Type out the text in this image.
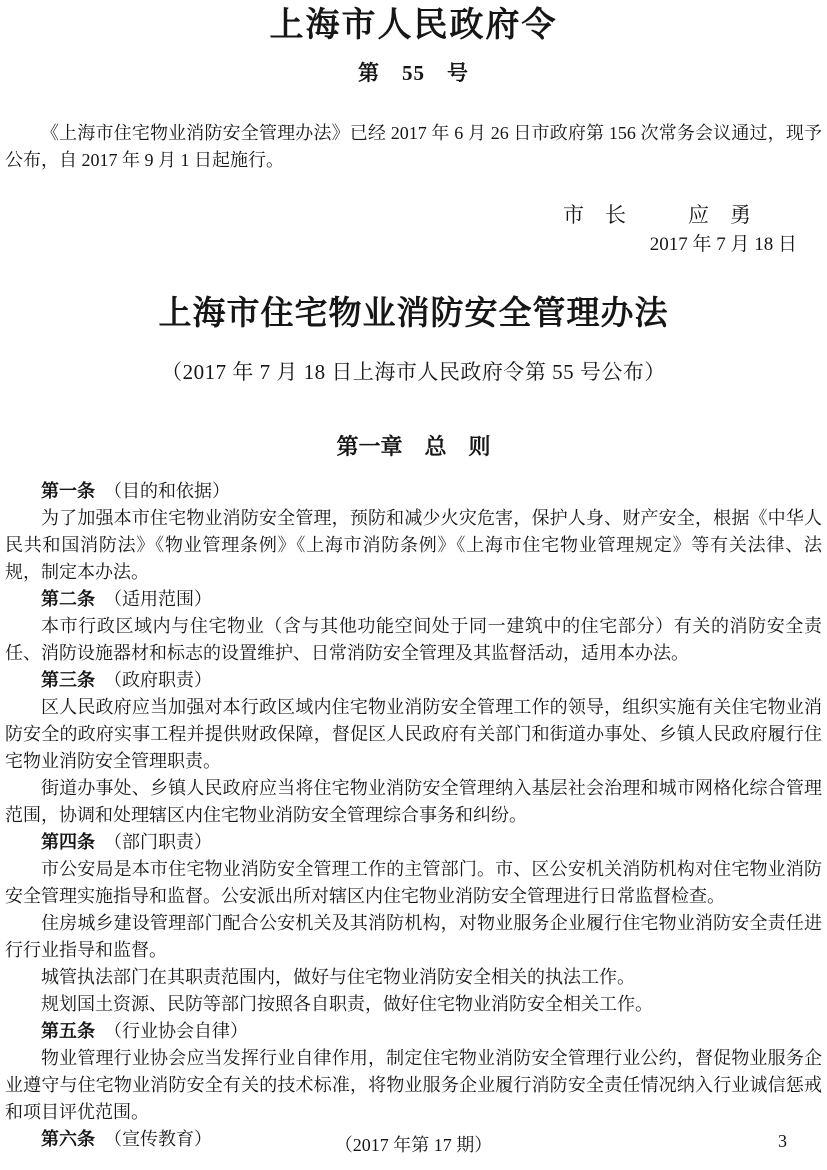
上海市人民政府令
第　55　号

《上海市住宅物业消防安全管理办法》已经 2017 年 6 月 26 日市政府第 156 次常务会议通过，现予公布，自 2017 年 9 月 1 日起施行。

市　长	应　勇
2017 年 7 月 18 日
上海市住宅物业消防安全管理办法
（2017 年 7 月 18 日上海市人民政府令第 55 号公布）
第一章　总　则

第一条　（目的和依据）

为了加强本市住宅物业消防安全管理，预防和减少火灾危害，保护人身、财产安全，根据《中华人民共和国消防法》《物业管理条例》《上海市消防条例》《上海市住宅物业管理规定》等有关法律、法规，制定本办法。

第二条　（适用范围）

本市行政区域内与住宅物业（含与其他功能空间处于同一建筑中的住宅部分）有关的消防安全责任、消防设施器材和标志的设置维护、日常消防安全管理及其监督活动，适用本办法。

第三条　（政府职责）

区人民政府应当加强对本行政区域内住宅物业消防安全管理工作的领导，组织实施有关住宅物业消防安全的政府实事工程并提供财政保障，督促区人民政府有关部门和街道办事处、乡镇人民政府履行住宅物业消防安全管理职责。

街道办事处、乡镇人民政府应当将住宅物业消防安全管理纳入基层社会治理和城市网格化综合管理范围，协调和处理辖区内住宅物业消防安全管理综合事务和纠纷。

第四条　（部门职责）

市公安局是本市住宅物业消防安全管理工作的主管部门。市、区公安机关消防机构对住宅物业消防安全管理实施指导和监督。公安派出所对辖区内住宅物业消防安全管理进行日常监督检查。

住房城乡建设管理部门配合公安机关及其消防机构，对物业服务企业履行住宅物业消防安全责任进行行业指导和监督。

城管执法部门在其职责范围内，做好与住宅物业消防安全相关的执法工作。

规划国土资源、民防等部门按照各自职责，做好住宅物业消防安全相关工作。

第五条　（行业协会自律）

物业管理行业协会应当发挥行业自律作用，制定住宅物业消防安全管理行业公约，督促物业服务企业遵守与住宅物业消防安全有关的技术标准，将物业服务企业履行消防安全责任情况纳入行业诚信惩戒和项目评优范围。

第六条　（宣传教育）	（2017 年第 17 期）	3
